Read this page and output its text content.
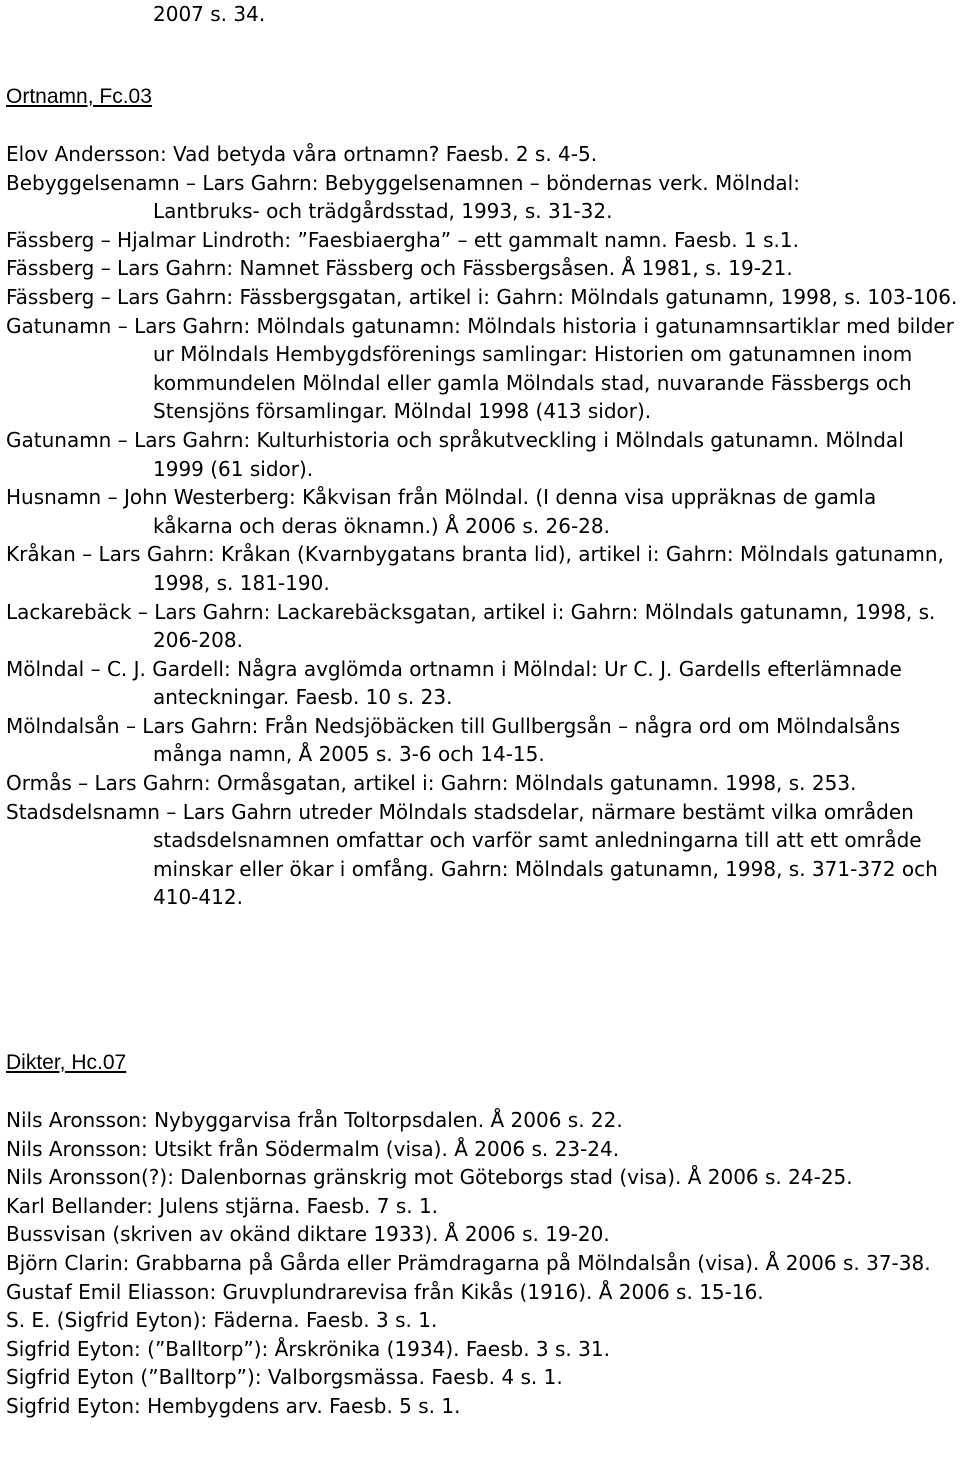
2007 s. 34.

Ortnamn, Fc.03

Elov Andersson: Vad betyda våra ortnamn? Faesb. 2 s. 4-5.

Bebyggelsenamn – Lars Gahrn: Bebyggelsenamnen – böndernas verk. Mölndal: Lantbruks- och trädgårdsstad, 1993, s. 31-32.

Fässberg – Hjalmar Lindroth: ”Faesbiaergha” – ett gammalt namn. Faesb. 1 s.1.

Fässberg – Lars Gahrn: Namnet Fässberg och Fässbergsåsen. Å 1981, s. 19-21.

Fässberg – Lars Gahrn: Fässbergsgatan, artikel i: Gahrn: Mölndals gatunamn, 1998, s. 103-106.

Gatunamn – Lars Gahrn: Mölndals gatunamn: Mölndals historia i gatunamnsartiklar med bilder ur Mölndals Hembygdsförenings samlingar: Historien om gatunamnen inom kommundelen Mölndal eller gamla Mölndals stad, nuvarande Fässbergs och Stensjöns församlingar. Mölndal 1998 (413 sidor).

Gatunamn – Lars Gahrn: Kulturhistoria och språkutveckling i Mölndals gatunamn. Mölndal 1999 (61 sidor).

Husnamn – John Westerberg: Kåkvisan från Mölndal. (I denna visa uppräknas de gamla kåkarna och deras öknamn.) Å 2006 s. 26-28.

Kråkan – Lars Gahrn: Kråkan (Kvarnbygatans branta lid), artikel i: Gahrn: Mölndals gatunamn, 1998, s. 181-190.

Lackarebäck – Lars Gahrn: Lackarebäcksgatan, artikel i: Gahrn: Mölndals gatunamn, 1998, s. 206-208.

Mölndal – C. J. Gardell: Några avglömda ortnamn i Mölndal: Ur C. J. Gardells efterlämnade anteckningar. Faesb. 10 s. 23.

Mölndalsån – Lars Gahrn: Från Nedsjöbäcken till Gullbergsån – några ord om Mölndalsåns många namn, Å 2005 s. 3-6 och 14-15.

Ormås – Lars Gahrn: Ormåsgatan, artikel i: Gahrn: Mölndals gatunamn. 1998, s. 253.

Stadsdelsnamn – Lars Gahrn utreder Mölndals stadsdelar, närmare bestämt vilka områden stadsdelsnamnen omfattar och varför samt anledningarna till att ett område minskar eller ökar i omfång. Gahrn: Mölndals gatunamn, 1998, s. 371-372 och 410-412.

Dikter, Hc.07

Nils Aronsson: Nybyggarvisa från Toltorpsdalen. Å 2006 s. 22.

Nils Aronsson: Utsikt från Södermalm (visa). Å 2006 s. 23-24.

Nils Aronsson(?): Dalenbornas gränskrig mot Göteborgs stad (visa). Å 2006 s. 24-25.

Karl Bellander: Julens stjärna. Faesb. 7 s. 1.

Bussvisan (skriven av okänd diktare 1933). Å 2006 s. 19-20.

Björn Clarin: Grabbarna på Gårda eller Prämdragarna på Mölndalsån (visa). Å 2006 s. 37-38.

Gustaf Emil Eliasson: Gruvplundrarevisa från Kikås (1916). Å 2006 s. 15-16.

S. E. (Sigfrid Eyton): Fäderna. Faesb. 3 s. 1.

Sigfrid Eyton: (”Balltorp”): Årskrönika (1934). Faesb. 3 s. 31.

Sigfrid Eyton (”Balltorp”): Valborgsmässa. Faesb. 4 s. 1.

Sigfrid Eyton: Hembygdens arv. Faesb. 5 s. 1.
